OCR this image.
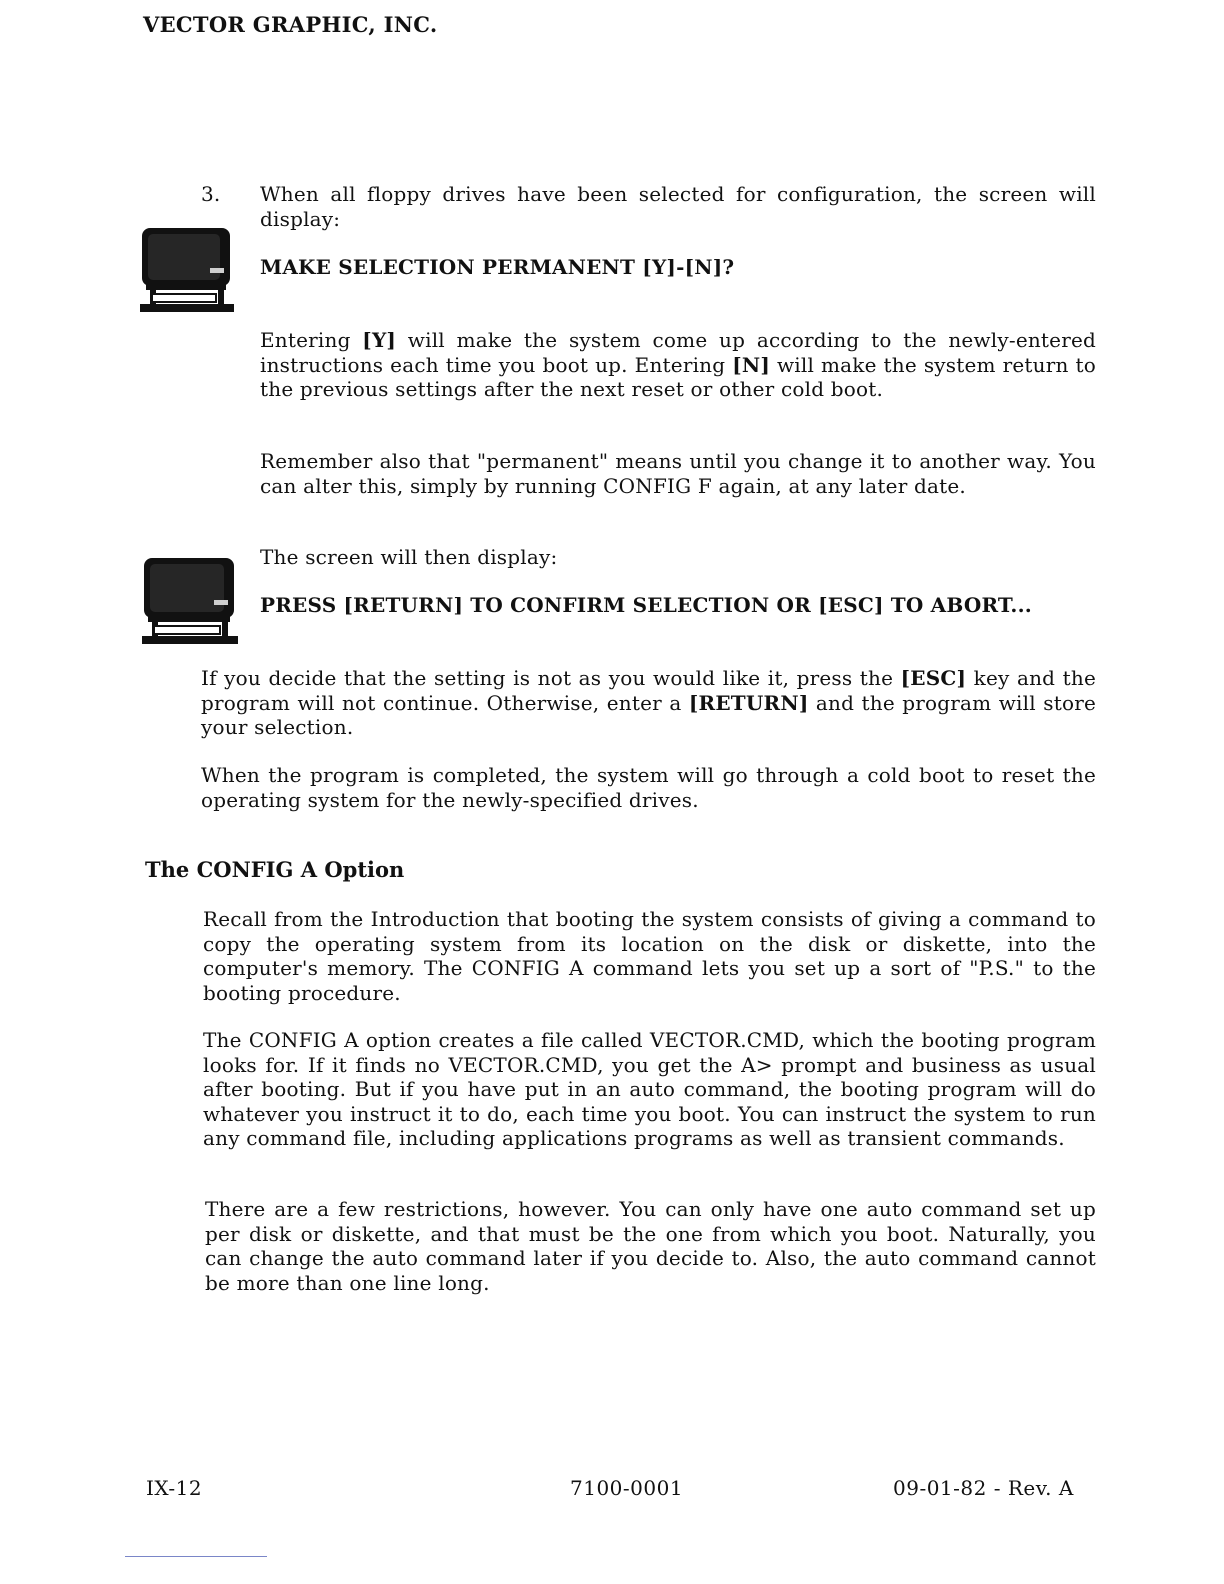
VECTOR GRAPHIC, INC.
3. When all floppy drives have been selected for configuration, the screen will display:

MAKE SELECTION PERMANENT [Y]-[N]?

Entering [Y] will make the system come up according to the newly-entered instructions each time you boot up. Entering [N] will make the system return to the previous settings after the next reset or other cold boot.

Remember also that "permanent" means until you change it to another way. You can alter this, simply by running CONFIG F again, at any later date.

The screen will then display:
PRESS [RETURN] TO CONFIRM SELECTION OR [ESC] TO ABORT...

If you decide that the setting is not as you would like it, press the [ESC] key and the program will not continue. Otherwise, enter a [RETURN] and the program will store your selection.

When the program is completed, the system will go through a cold boot to reset the operating system for the newly-specified drives.

The CONFIG A Option

Recall from the Introduction that booting the system consists of giving a command to copy the operating system from its location on the disk or diskette, into the computer's memory. The CONFIG A command lets you set up a sort of "P.S." to the booting procedure.

The CONFIG A option creates a file called VECTOR.CMD, which the booting program looks for. If it finds no VECTOR.CMD, you get the A> prompt and business as usual after booting. But if you have put in an auto command, the booting program will do whatever you instruct it to do, each time you boot. You can instruct the system to run any command file, including applications programs as well as transient commands.

There are a few restrictions, however. You can only have one auto command set up per disk or diskette, and that must be the one from which you boot. Naturally, you can change the auto command later if you decide to. Also, the auto command cannot be more than one line long.

IX-12	7100-0001	09-01-82 - Rev. A
